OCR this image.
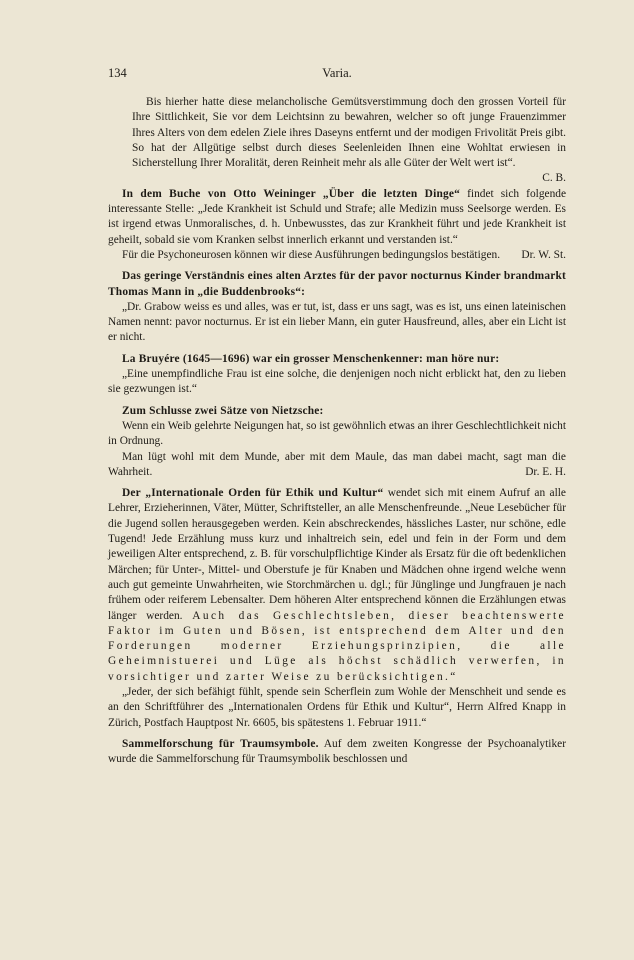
134	Varia.

Bis hierher hatte diese melancholische Gemütsverstimmung doch den grossen Vorteil für Ihre Sittlichkeit, Sie vor dem Leichtsinn zu bewahren, welcher so oft junge Frauenzimmer Ihres Alters von dem edelen Ziele ihres Daseyns entfernt und der modigen Frivolität Preis gibt. So hat der Allgütige selbst durch dieses Seelenleiden Ihnen eine Wohltat erwiesen in Sicherstellung Ihrer Moralität, deren Reinheit mehr als alle Güter der Welt wert ist“.

C. B.

In dem Buche von Otto Weininger „Über die letzten Dinge“ findet sich folgende interessante Stelle: „Jede Krankheit ist Schuld und Strafe; alle Medizin muss Seelsorge werden. Es ist irgend etwas Unmoralisches, d. h. Unbewusstes, das zur Krankheit führt und jede Krankheit ist geheilt, sobald sie vom Kranken selbst innerlich erkannt und verstanden ist.“

Für die Psychoneurosen können wir diese Ausführungen bedingungslos bestätigen.	Dr. W. St.

Das geringe Verständnis eines alten Arztes für der pavor nocturnus Kinder brandmarkt Thomas Mann in „die Buddenbrooks“:

„Dr. Grabow weiss es und alles, was er tut, ist, dass er uns sagt, was es ist, uns einen lateinischen Namen nennt: pavor nocturnus. Er ist ein lieber Mann, ein guter Hausfreund, alles, aber ein Licht ist er nicht.

La Bruyére (1645—1696) war ein grosser Menschenkenner: man höre nur:

„Eine unempfindliche Frau ist eine solche, die denjenigen noch nicht erblickt hat, den zu lieben sie gezwungen ist.“

Zum Schlusse zwei Sätze von Nietzsche:

Wenn ein Weib gelehrte Neigungen hat, so ist gewöhnlich etwas an ihrer Geschlechtlichkeit nicht in Ordnung.

Man lügt wohl mit dem Munde, aber mit dem Maule, das man dabei macht, sagt man die Wahrheit.	Dr. E. H.

Der „Internationale Orden für Ethik und Kultur“ wendet sich mit einem Aufruf an alle Lehrer, Erzieherinnen, Väter, Mütter, Schriftsteller, an alle Menschenfreunde. „Neue Lesebücher für die Jugend sollen herausgegeben werden. Kein abschreckendes, hässliches Laster, nur schöne, edle Tugend! Jede Erzählung muss kurz und inhaltreich sein, edel und fein in der Form und dem jeweiligen Alter entsprechend, z. B. für vorschulpflichtige Kinder als Ersatz für die oft bedenklichen Märchen; für Unter-, Mittel- und Oberstufe je für Knaben und Mädchen ohne irgend welche wenn auch gut gemeinte Unwahrheiten, wie Storchmärchen u. dgl.; für Jünglinge und Jungfrauen je nach frühem oder reiferem Lebensalter. Dem höheren Alter entsprechend können die Erzählungen etwas länger werden. Auch das Geschlechtsleben, dieser beachtenswerte Faktor im Guten und Bösen, ist entsprechend dem Alter und den Forderungen moderner Erziehungsprinzipien, die alle Geheimnistuerei und Lüge als höchst schädlich verwerfen, in vorsichtiger und zarter Weise zu berücksichtigen.“

„Jeder, der sich befähigt fühlt, spende sein Scherflein zum Wohle der Menschheit und sende es an den Schriftführer des „Internationalen Ordens für Ethik und Kultur“, Herrn Alfred Knapp in Zürich, Postfach Hauptpost Nr. 6605, bis spätestens 1. Februar 1911.“

Sammelforschung für Traumsymbole. Auf dem zweiten Kongresse der Psychoanalytiker wurde die Sammelforschung für Traumsymbolik beschlossen und
